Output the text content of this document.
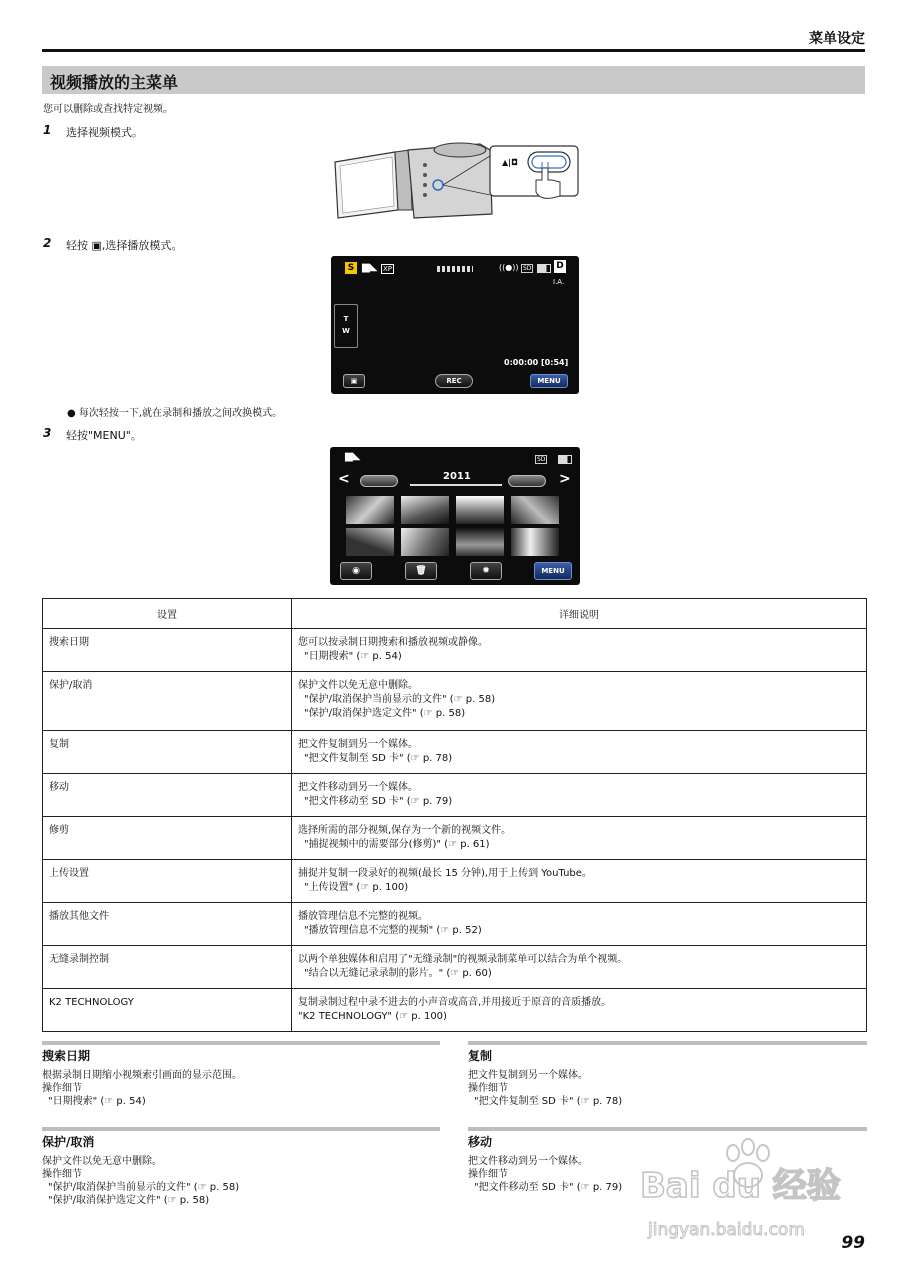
菜单设定
视频播放的主菜单
您可以删除或查找特定视频。
1 选择视频模式。
▲|◘
2 轻按 ▣,选择播放模式。
S ▆◣ XP	((●)) SD	D
I.A.
T
W
0:00:00 [0:54]
▣	REC	MENU
● 每次轻按一下,就在录制和播放之间改换模式。
3 轻按"MENU"。
▆◣	SD
<	2011	>
◉	🗑	✹	MENU
设置	详细说明
搜索日期	您可以按录制日期搜索和播放视频或静像。
"日期搜索" (☞ p. 54)

保护/取消	保护文件以免无意中删除。
"保护/取消保护当前显示的文件" (☞ p. 58)
"保护/取消保护选定文件" (☞ p. 58)

复制	把文件复制到另一个媒体。
"把文件复制至 SD 卡" (☞ p. 78)

移动	把文件移动到另一个媒体。
"把文件移动至 SD 卡" (☞ p. 79)

修剪	选择所需的部分视频,保存为一个新的视频文件。
"捕捉视频中的需要部分(修剪)" (☞ p. 61)

上传设置	捕捉并复制一段录好的视频(最长 15 分钟),用于上传到 YouTube。
"上传设置" (☞ p. 100)

播放其他文件	播放管理信息不完整的视频。
"播放管理信息不完整的视频" (☞ p. 52)

无缝录制控制	以两个单独媒体和启用了"无缝录制"的视频录制菜单可以结合为单个视频。
"结合以无缝记录录制的影片。" (☞ p. 60)

K2 TECHNOLOGY	复制录制过程中录不进去的小声音或高音,并用接近于原音的音质播放。
"K2 TECHNOLOGY" (☞ p. 100)
搜索日期
根据录制日期缩小视频索引画面的显示范围。
操作细节
"日期搜索" (☞ p. 54)
复制
把文件复制到另一个媒体。
操作细节
"把文件复制至 SD 卡" (☞ p. 78)
保护/取消
保护文件以免无意中删除。
操作细节
"保护/取消保护当前显示的文件" (☞ p. 58)
"保护/取消保护选定文件" (☞ p. 58)
移动
把文件移动到另一个媒体。
操作细节
"把文件移动至 SD 卡" (☞ p. 79) Bai du 经验
jingyan.baidu.com
99
